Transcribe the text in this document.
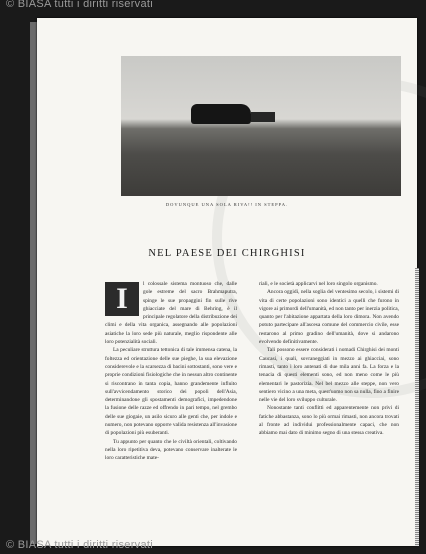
© BIASA tutti i diritti riservati
DOVUNQUE UNA SOLA RIVA!! IN STEPPA.
NEL PAESE DEI CHIRGHISI
I	l colossale sistema montuoso che, dalle gole estreme del sacro Brahmaputra, spinge le sue propaggini fin sulle rive ghiacciate del mare di Behring, è il principale regolatore della distribuzione dei climi e della vita organica, assegnando alle popolazioni asiatiche la loro sede più naturale, meglio rispondente alle loro potenzialità sociali.

La peculiare struttura tettonica di tale immensa catena, la foltezza ed orientazione delle sue pieghe, la sua elevazione considerevole e la scarsezza di bacini sottostanti, sono vere e proprie condizioni fisiologiche che in nessun altro continente si riscontrano in tanta copia, hanno grandemente influito sull'avvicendamento storico dei popoli dell'Asia, determinandone gli spostamenti demografici, impedendone la fusione delle razze ed offrendo in pari tempo, nel grembo delle sue giogaie, un asilo sicuro alle genti che, per indole e numero, non potevano opporre valida resistenza all'invasione di popolazioni più esuberanti.

Tu appunto per quanto che le civiltà orientali, coltivando nella loro ripetitiva deva, potevano conservare inalterate le loro caratteristiche mate-

riali, e le società applicarvi nel loro singolo organismo.

Ancora oggidì, nella soglia del ventesimo secolo, i sistemi di vita di certe popolazioni sono identici a quelli che furono in vigore ai primordi dell'umanità, ed non tanto per inerzia politica, quanto per l'abitazione appartata della loro dimora. Non avendo potuto partecipare all'ascesa comune del commercio civile, esse restarono al primo gradino dell'umanità, dove si andarono evolvendo definitivamente.

Tali possono essere considerati i nomadi Chirghisi dei monti Caucasi, i quali, sovraneggiati in mezzo ai ghiacciai, sono rimasti, tanto i loro antenati di due mila anni fa. La forza e la tenacia di questi elementi sono, ed non meno come le più elementari le pastorizia. Nel bel mezzo alle steppe, non vero sentiero vicino a una meta, quest'uomo non sa nulla, fino a finire nelle vie del loro sviluppo culturale.

Nonostante tanti conflitti ed apparentemente non privi di fatiche abbastanza, sono lo più ormai rimasti, non ancora trovati al fronte ad individui professionalmente capaci, che non abbiamo mai dato di minimo segno di una stessa creativa.

© BIASA tutti i diritti riservati
